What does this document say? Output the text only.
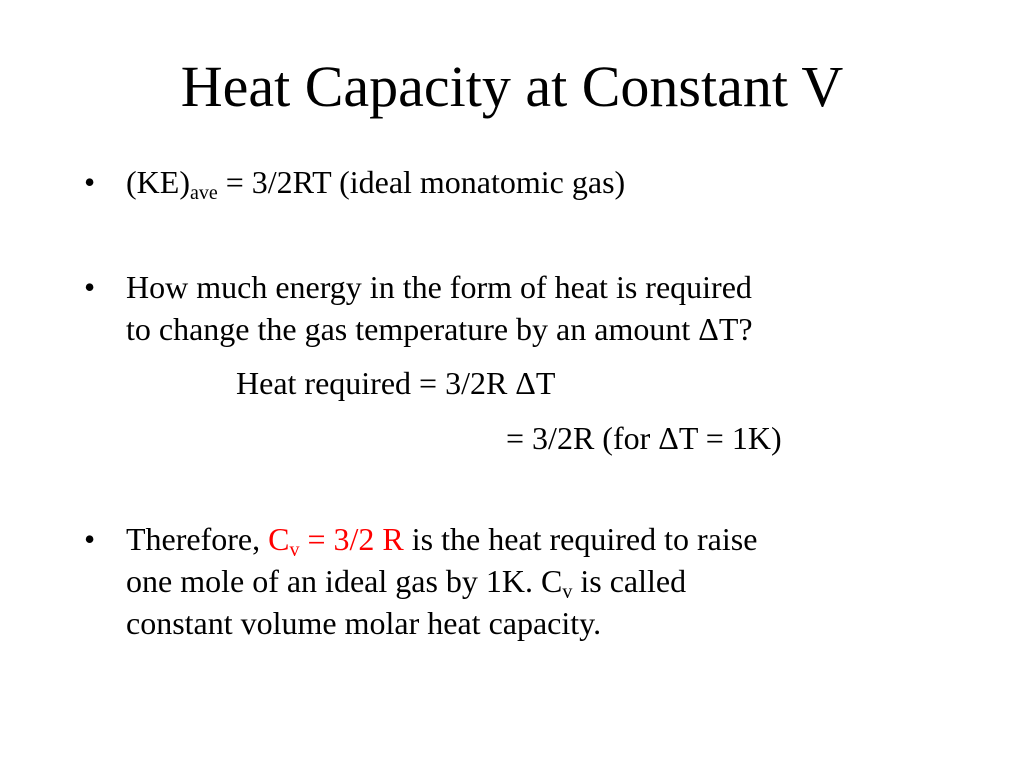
Heat Capacity at Constant V
• $(KE)_{ave} = 3/2RT$ (ideal monatomic gas)
• How much energy in the form of heat is required
to change the gas temperature by an amount ΔT?
Heat required = 3/2R ΔT
= 3/2R (for ΔT = 1K)
• Therefore, $C_v = 3/2$ R is the heat required to raise
one mole of an ideal gas by 1K. $C_v$ is called
constant volume molar heat capacity.
